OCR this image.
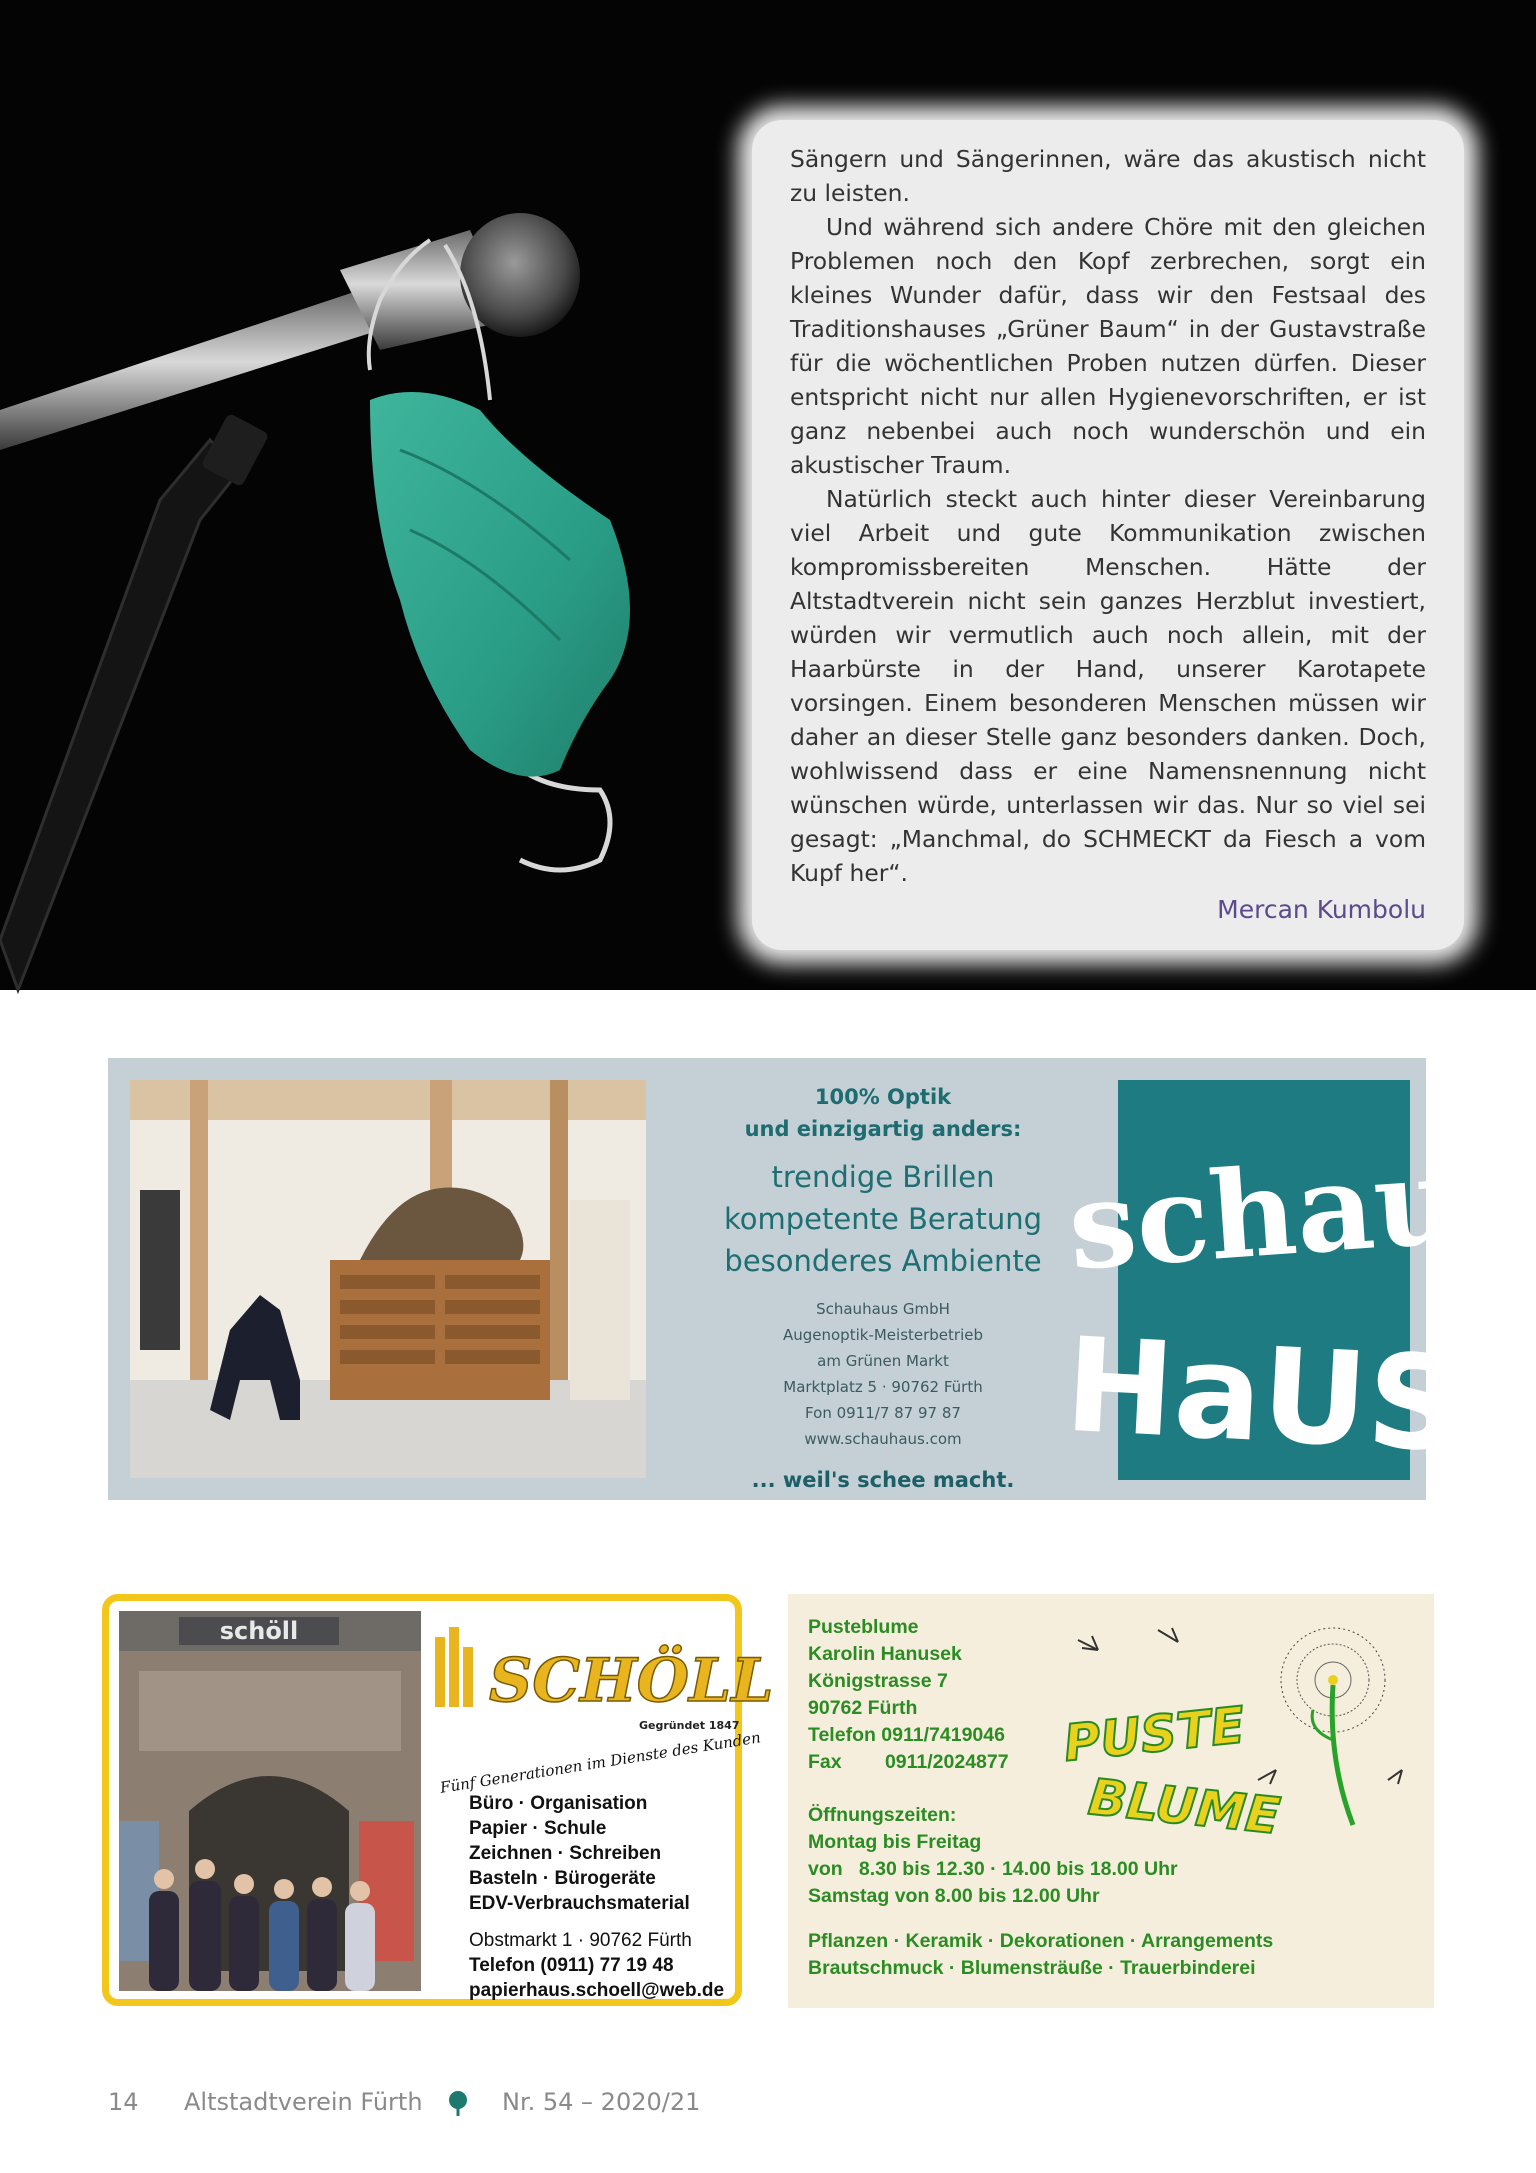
Sängern und Sängerinnen, wäre das akustisch nicht zu leisten.

Und während sich andere Chöre mit den gleichen Problemen noch den Kopf zerbrechen, sorgt ein kleines Wunder dafür, dass wir den Festsaal des Traditionshauses „Grüner Baum“ in der Gustavstraße für die wöchentlichen Proben nutzen dürfen. Dieser entspricht nicht nur allen Hygienevorschriften, er ist ganz nebenbei auch noch wunderschön und ein akustischer Traum.

Natürlich steckt auch hinter dieser Vereinbarung viel Arbeit und gute Kommunikation zwischen kompromissbereiten Menschen. Hätte der Altstadtverein nicht sein ganzes Herzblut investiert, würden wir vermutlich auch noch allein, mit der Haarbürste in der Hand, unserer Karotapete vorsingen. Einem besonderen Menschen müssen wir daher an dieser Stelle ganz besonders danken. Doch, wohlwissend dass er eine Namensnennung nicht wünschen würde, unterlassen wir das. Nur so viel sei gesagt: „Manchmal, do SCHMECKT da Fiesch a vom Kupf her“.

Mercan Kumbolu
100% Optik
und einzigartig anders:
trendige Brillen
kompetente Beratung
besonderes Ambiente
Schauhaus GmbH
Augenoptik-Meisterbetrieb
am Grünen Markt
Marktplatz 5 · 90762 Fürth
Fon 0911/7 87 97 87
www.schauhaus.com
... weil's schee macht.
schau
HaUS
schöll
SCHÖLL
Gegründet 1847
Fünf Generationen im Dienste des Kunden
Büro · Organisation
Papier · Schule
Zeichnen · Schreiben
Basteln · Bürogeräte
EDV-Verbrauchsmaterial
Obstmarkt 1 · 90762 Fürth
Telefon (0911) 77 19 48
papierhaus.schoell@web.de
Pusteblume
Karolin Hanusek
Königstrasse 7
90762 Fürth
Telefon 0911/7419046
Fax        0911/2024877
Öffnungszeiten:
Montag bis Freitag
von   8.30 bis 12.30 · 14.00 bis 18.00 Uhr
Samstag von 8.00 bis 12.00 Uhr
Pflanzen · Keramik · Dekorationen · Arrangements
Brautschmuck · Blumensträuße · Trauerbinderei
PUSTE
BLUME
14 Altstadtverein Fürth	Nr. 54 – 2020/21
